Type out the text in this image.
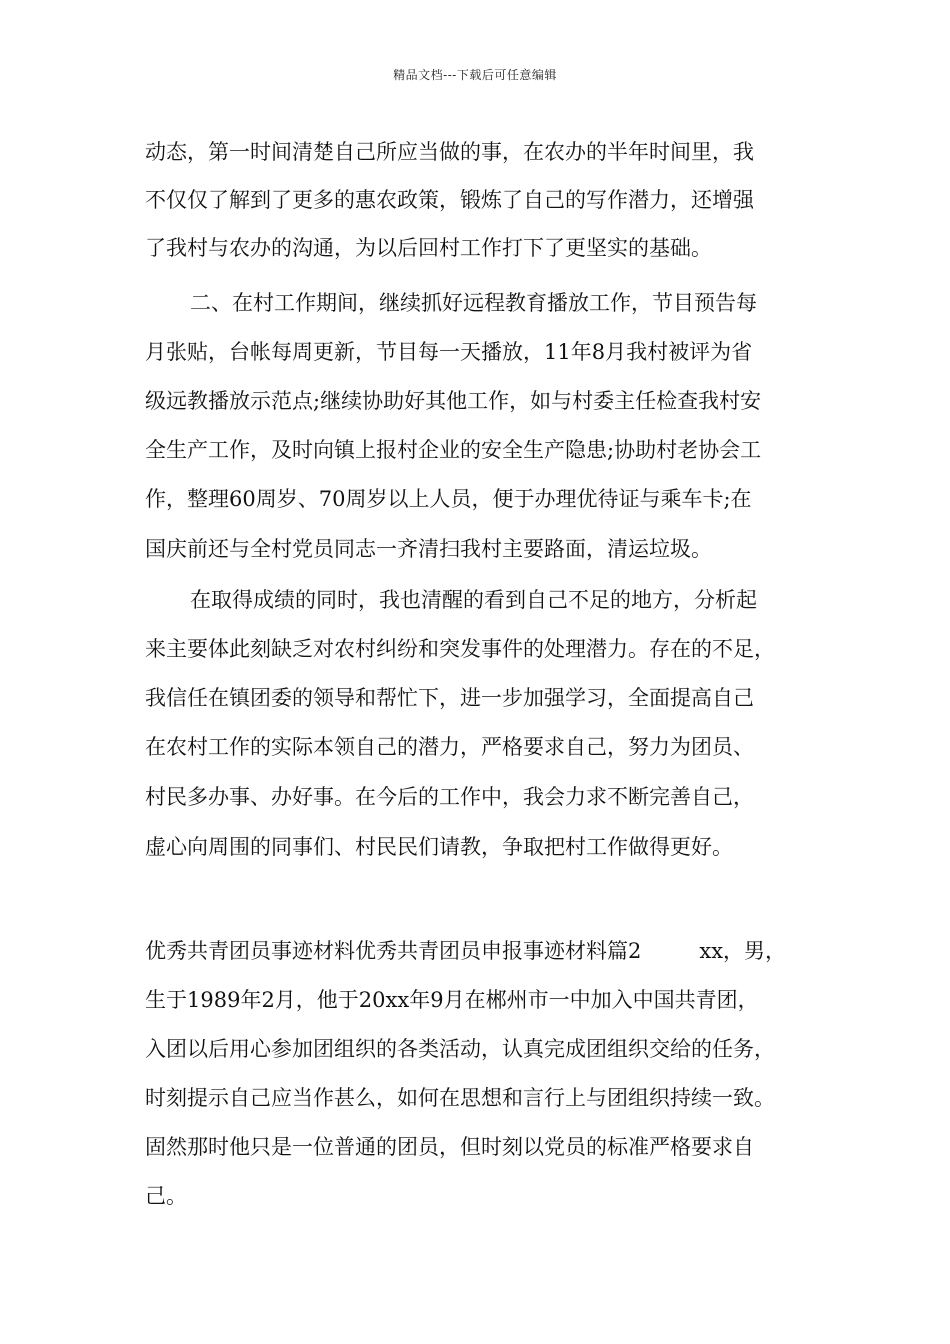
精品文档---下载后可任意编辑
动态，第一时间清楚自己所应当做的事，在农办的半年时间里，我
不仅仅了解到了更多的惠农政策，锻炼了自己的写作潜力，还增强
了我村与农办的沟通，为以后回村工作打下了更坚实的基础。
二、在村工作期间，继续抓好远程教育播放工作，节目预告每
月张贴，台帐每周更新，节目每一天播放，11年8月我村被评为省
级远教播放示范点;继续协助好其他工作，如与村委主任检查我村安
全生产工作，及时向镇上报村企业的安全生产隐患;协助村老协会工
作，整理60周岁、70周岁以上人员，便于办理优待证与乘车卡;在
国庆前还与全村党员同志一齐清扫我村主要路面，清运垃圾。
在取得成绩的同时，我也清醒的看到自己不足的地方，分析起
来主要体此刻缺乏对农村纠纷和突发事件的处理潜力。存在的不足，
我信任在镇团委的领导和帮忙下，进一步加强学习，全面提高自己
在农村工作的实际本领自己的潜力，严格要求自己，努力为团员、
村民多办事、办好事。在今后的工作中，我会力求不断完善自己，
虚心向周围的同事们、村民民们请教，争取把村工作做得更好。
优秀共青团员事迹材料优秀共青团员申报事迹材料篇2	xx，男，
生于1989年2月，他于20xx年9月在郴州市一中加入中国共青团，
入团以后用心参加团组织的各类活动，认真完成团组织交给的任务，
时刻提示自己应当作甚么，如何在思想和言行上与团组织持续一致。
固然那时他只是一位普通的团员，但时刻以党员的标准严格要求自
己。
